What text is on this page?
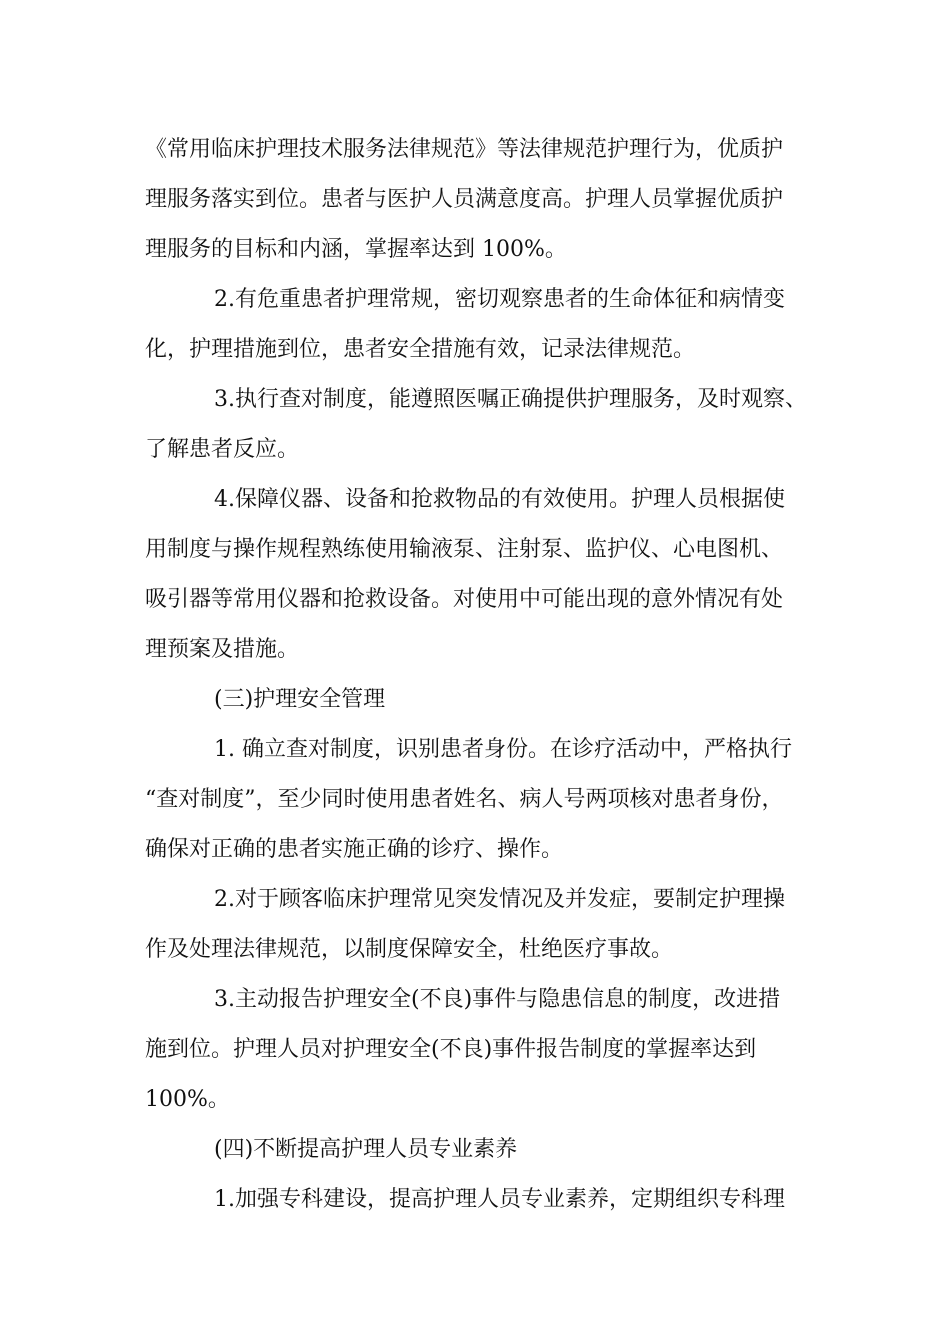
《常用临床护理技术服务法律规范》等法律规范护理行为，优质护
理服务落实到位。患者与医护人员满意度高。护理人员掌握优质护
理服务的目标和内涵，掌握率达到 100%。
2.有危重患者护理常规，密切观察患者的生命体征和病情变
化，护理措施到位，患者安全措施有效，记录法律规范。
3.执行查对制度，能遵照医嘱正确提供护理服务，及时观察、
了解患者反应。
4.保障仪器、设备和抢救物品的有效使用。护理人员根据使
用制度与操作规程熟练使用输液泵、注射泵、监护仪、心电图机、
吸引器等常用仪器和抢救设备。对使用中可能出现的意外情况有处
理预案及措施。
(三)护理安全管理
1. 确立查对制度，识别患者身份。在诊疗活动中，严格执行
“查对制度”，至少同时使用患者姓名、病人号两项核对患者身份，
确保对正确的患者实施正确的诊疗、操作。
2.对于顾客临床护理常见突发情况及并发症，要制定护理操
作及处理法律规范，以制度保障安全，杜绝医疗事故。
3.主动报告护理安全(不良)事件与隐患信息的制度，改进措
施到位。护理人员对护理安全(不良)事件报告制度的掌握率达到
100%。
(四)不断提高护理人员专业素养
1.加强专科建设，提高护理人员专业素养，定期组织专科理
